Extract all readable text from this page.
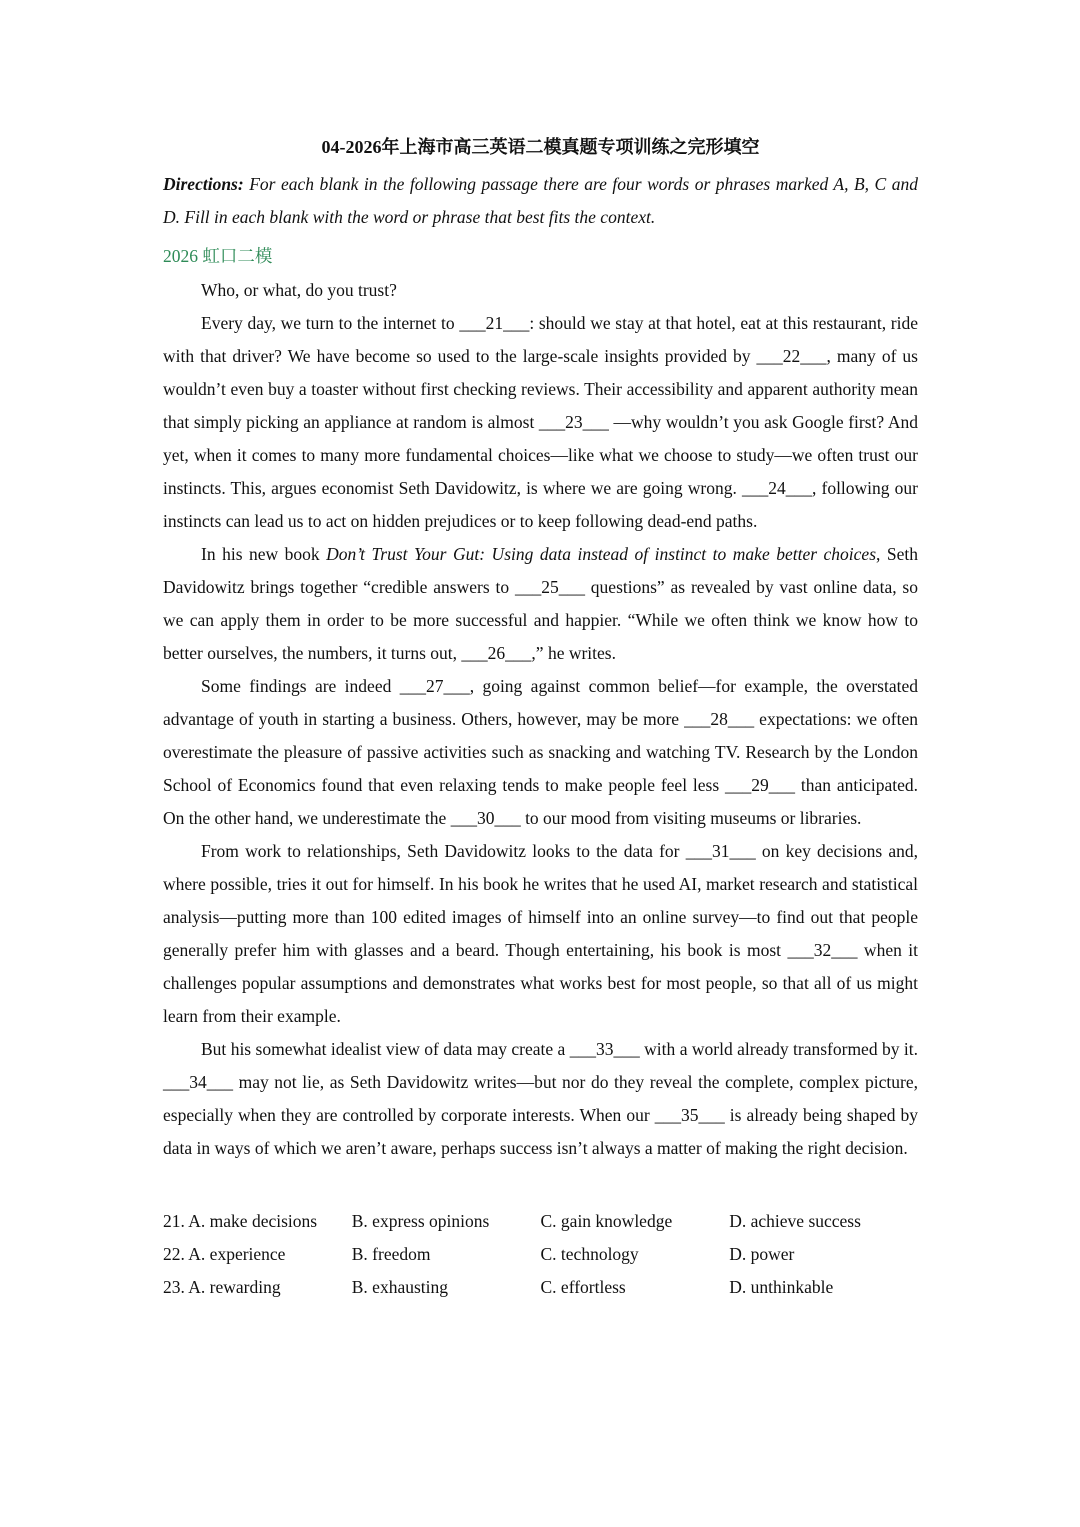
04-2026年上海市高三英语二模真题专项训练之完形填空

Directions: For each blank in the following passage there are four words or phrases marked A, B, C and D. Fill in each blank with the word or phrase that best fits the context.

2026 虹口二模

Who, or what, do you trust?

Every day, we turn to the internet to ___21___: should we stay at that hotel, eat at this restaurant, ride with that driver? We have become so used to the large-scale insights provided by ___22___, many of us wouldn’t even buy a toaster without first checking reviews. Their accessibility and apparent authority mean that simply picking an appliance at random is almost ___23___ —why wouldn’t you ask Google first? And yet, when it comes to many more fundamental choices—like what we choose to study—we often trust our instincts. This, argues economist Seth Davidowitz, is where we are going wrong. ___24___, following our instincts can lead us to act on hidden prejudices or to keep following dead-end paths.

In his new book Don’t Trust Your Gut: Using data instead of instinct to make better choices, Seth Davidowitz brings together “credible answers to ___25___ questions” as revealed by vast online data, so we can apply them in order to be more successful and happier. “While we often think we know how to better ourselves, the numbers, it turns out, ___26___,” he writes.

Some findings are indeed ___27___, going against common belief—for example, the overstated advantage of youth in starting a business. Others, however, may be more ___28___ expectations: we often overestimate the pleasure of passive activities such as snacking and watching TV. Research by the London School of Economics found that even relaxing tends to make people feel less ___29___ than anticipated. On the other hand, we underestimate the ___30___ to our mood from visiting museums or libraries.

From work to relationships, Seth Davidowitz looks to the data for ___31___ on key decisions and, where possible, tries it out for himself. In his book he writes that he used AI, market research and statistical analysis—putting more than 100 edited images of himself into an online survey—to find out that people generally prefer him with glasses and a beard. Though entertaining, his book is most ___32___ when it challenges popular assumptions and demonstrates what works best for most people, so that all of us might learn from their example.

But his somewhat idealist view of data may create a ___33___ with a world already transformed by it. ___34___ may not lie, as Seth Davidowitz writes—but nor do they reveal the complete, complex picture, especially when they are controlled by corporate interests. When our ___35___ is already being shaped by data in ways of which we aren’t aware, perhaps success isn’t always a matter of making the right decision.

21. A. make decisions	B. express opinions	C. gain knowledge	D. achieve success
22. A. experience	B. freedom	C. technology	D. power
23. A. rewarding	B. exhausting	C. effortless	D. unthinkable
